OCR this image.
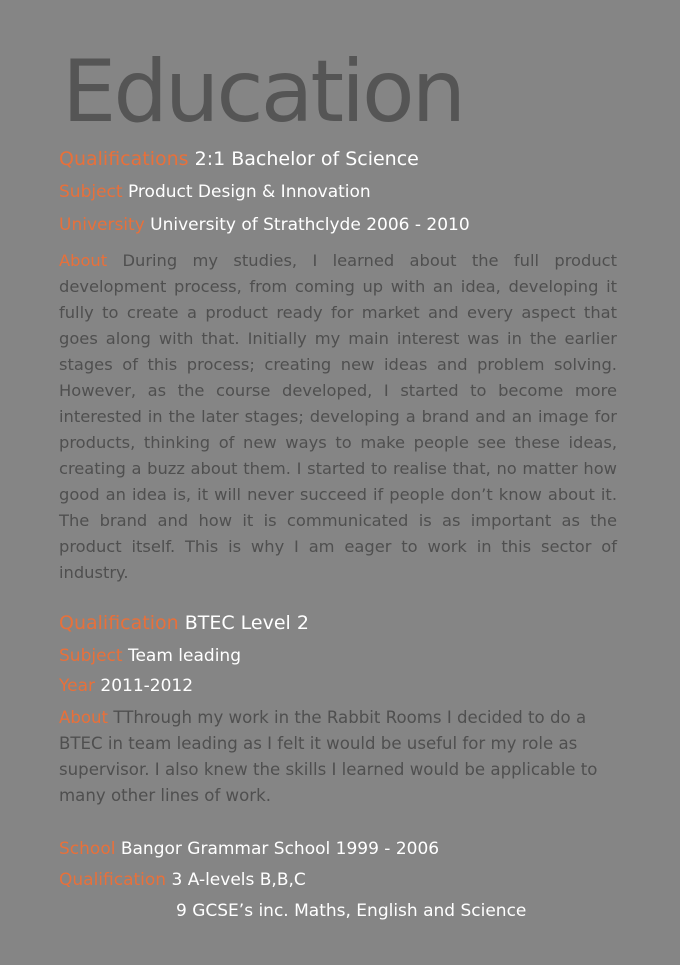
Education
Qualifications 2:1 Bachelor of Science
Subject Product Design & Innovation
University University of Strathclyde 2006 - 2010

About During my studies, I learned about the full product development process, from coming up with an idea, developing it fully to create a product ready for market and every aspect that goes along with that. Initially my main interest was in the earlier stages of this process; creating new ideas and problem solving. However, as the course developed, I started to become more interested in the later stages; developing a brand and an image for products, thinking of new ways to make people see these ideas, creating a buzz about them. I started to realise that, no matter how good an idea is, it will never succeed if people don’t know about it. The brand and how it is communicated is as important as the product itself. This is why I am eager to work in this sector of industry.

Qualification BTEC Level 2
Subject Team leading
Year 2011-2012

About TThrough my work in the Rabbit Rooms I decided to do a BTEC in team leading as I felt it would be useful for my role as supervisor. I also knew the skills I learned would be applicable to many other lines of work.

School Bangor Grammar School 1999 - 2006
Qualification 3 A-levels B,B,C
9 GCSE’s inc. Maths, English and Science
